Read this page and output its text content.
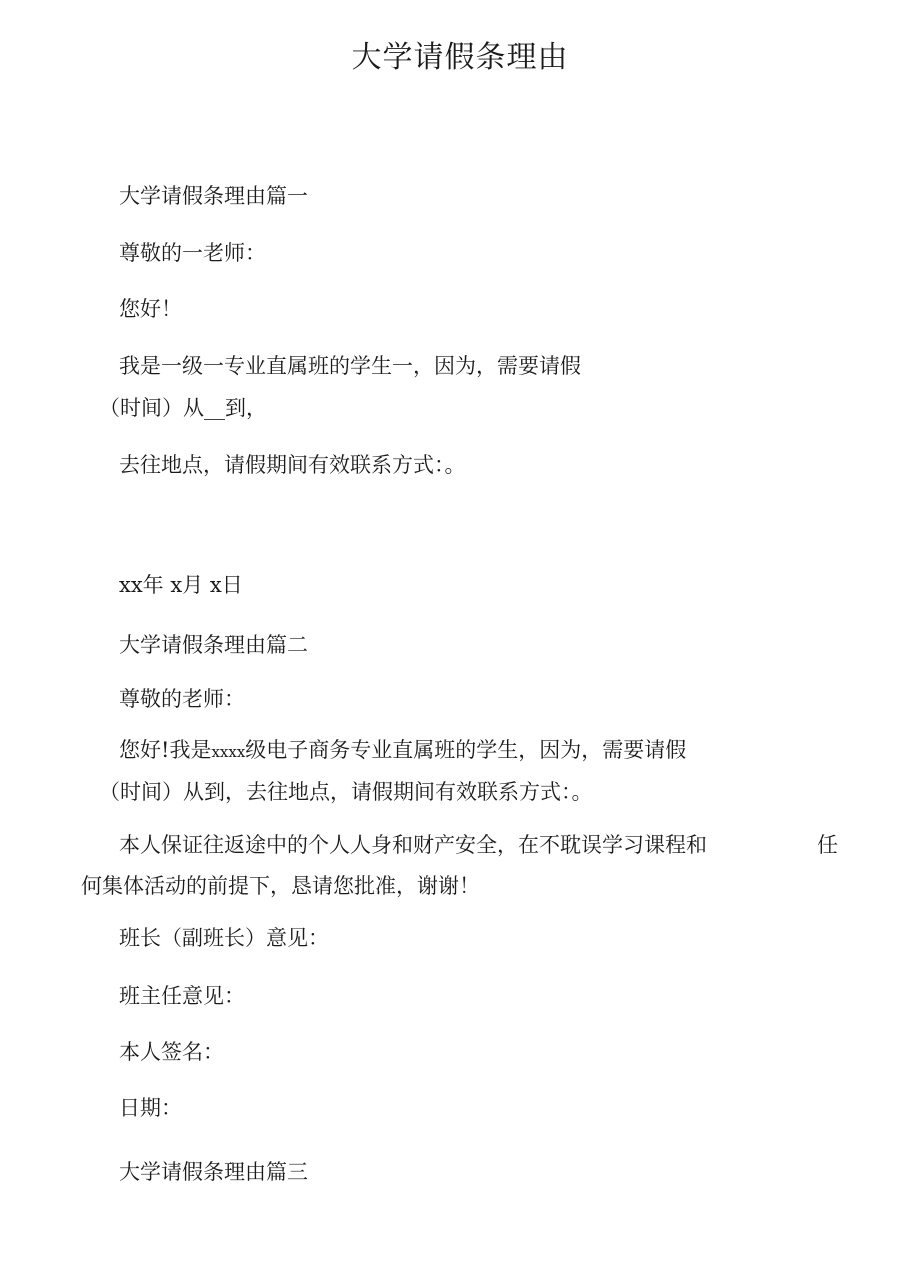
大学请假条理由

大学请假条理由篇一

尊敬的一老师：

您好！

我是一级一专业直属班的学生一，因为，需要请假

（时间）从__到，

去往地点，请假期间有效联系方式：。

xx年 x月 x日

大学请假条理由篇二

尊敬的老师：

您好!我是xxxx级电子商务专业直属班的学生，因为，需要请假

（时间）从到，去往地点，请假期间有效联系方式：。

本人保证往返途中的个人人身和财产安全，在不耽误学习课程和	任

何集体活动的前提下，恳请您批准，谢谢！

班长（副班长）意见：

班主任意见：

本人签名：

日期：

大学请假条理由篇三
